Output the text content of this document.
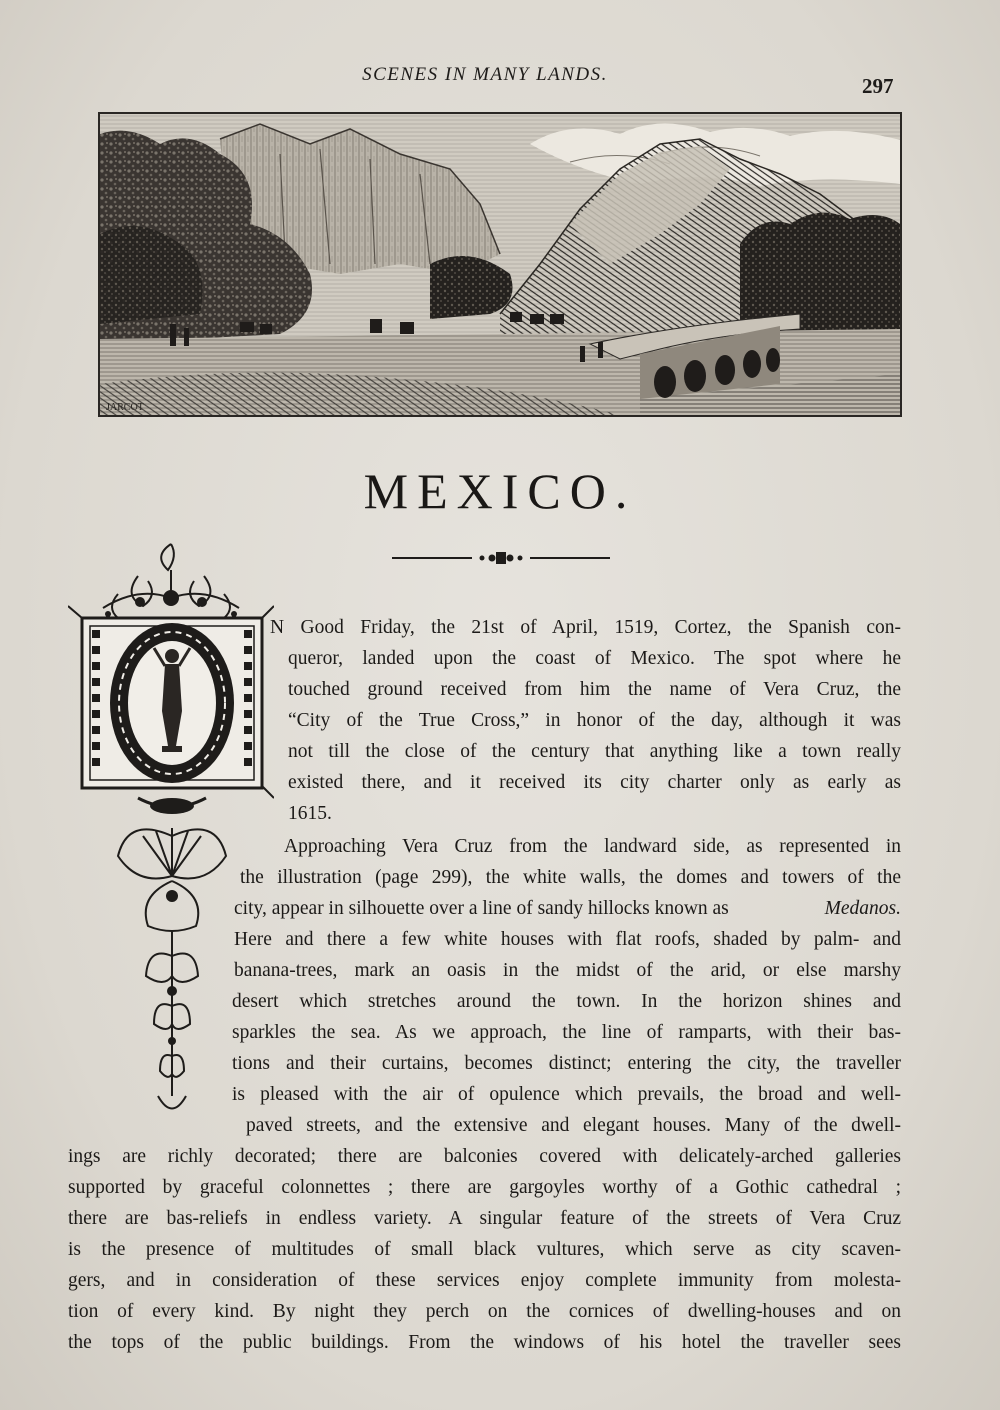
SCENES IN MANY LANDS.	297
JARCOT
MEXICO.
N Good Friday, the 21st of April, 1519, Cortez, the Spanish con-
queror, landed upon the coast of Mexico. The spot where he
touched ground received from him the name of Vera Cruz, the
“City of the True Cross,” in honor of the day, although it was
not till the close of the century that anything like a town really
existed there, and it received its city charter only as early as
1615.
Approaching Vera Cruz from the landward side, as represented in
the illustration (page 299), the white walls, the domes and towers of the
city, appear in silhouette over a line of sandy hillocks known as	Medanos.
Here and there a few white houses with flat roofs, shaded by palm- and
banana-trees, mark an oasis in the midst of the arid, or else marshy
desert which stretches around the town. In the horizon shines and
sparkles the sea. As we approach, the line of ramparts, with their bas-
tions and their curtains, becomes distinct; entering the city, the traveller
is pleased with the air of opulence which prevails, the broad and well-
paved streets, and the extensive and elegant houses. Many of the dwell-
ings are richly decorated; there are balconies covered with delicately-arched galleries
supported by graceful colonnettes ; there are gargoyles worthy of a Gothic cathedral ;
there are bas-reliefs in endless variety. A singular feature of the streets of Vera Cruz
is the presence of multitudes of small black vultures, which serve as city scaven-
gers, and in consideration of these services enjoy complete immunity from molesta-
tion of every kind. By night they perch on the cornices of dwelling-houses and on
the tops of the public buildings. From the windows of his hotel the traveller sees
